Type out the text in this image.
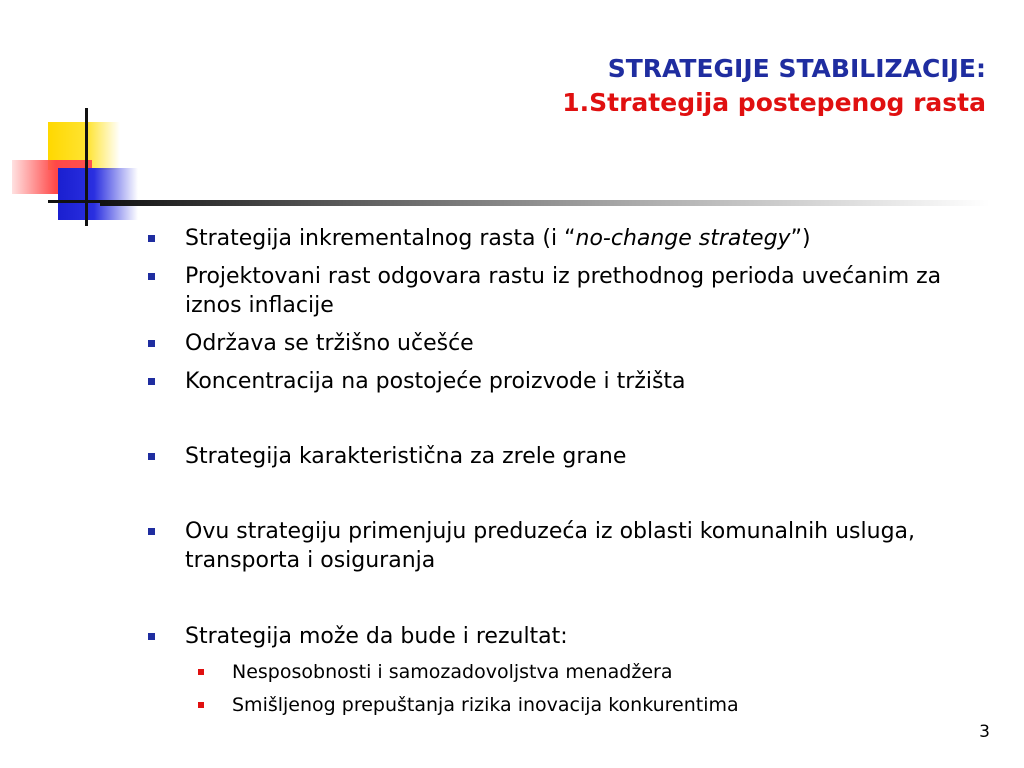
STRATEGIJE STABILIZACIJE:
1.Strategija postepenog rasta
Strategija inkrementalnog rasta (i “no-change strategy”)
Projektovani rast odgovara rastu iz prethodnog perioda uvećanim za iznos inflacije
Održava se tržišno učešće
Koncentracija na postojeće proizvode i tržišta
Strategija karakteristična za zrele grane
Ovu strategiju primenjuju preduzeća iz oblasti komunalnih usluga, transporta i osiguranja
Strategija može da bude i rezultat:
Nesposobnosti i samozadovoljstva menadžera
Smišljenog prepuštanja rizika inovacija konkurentima
3
